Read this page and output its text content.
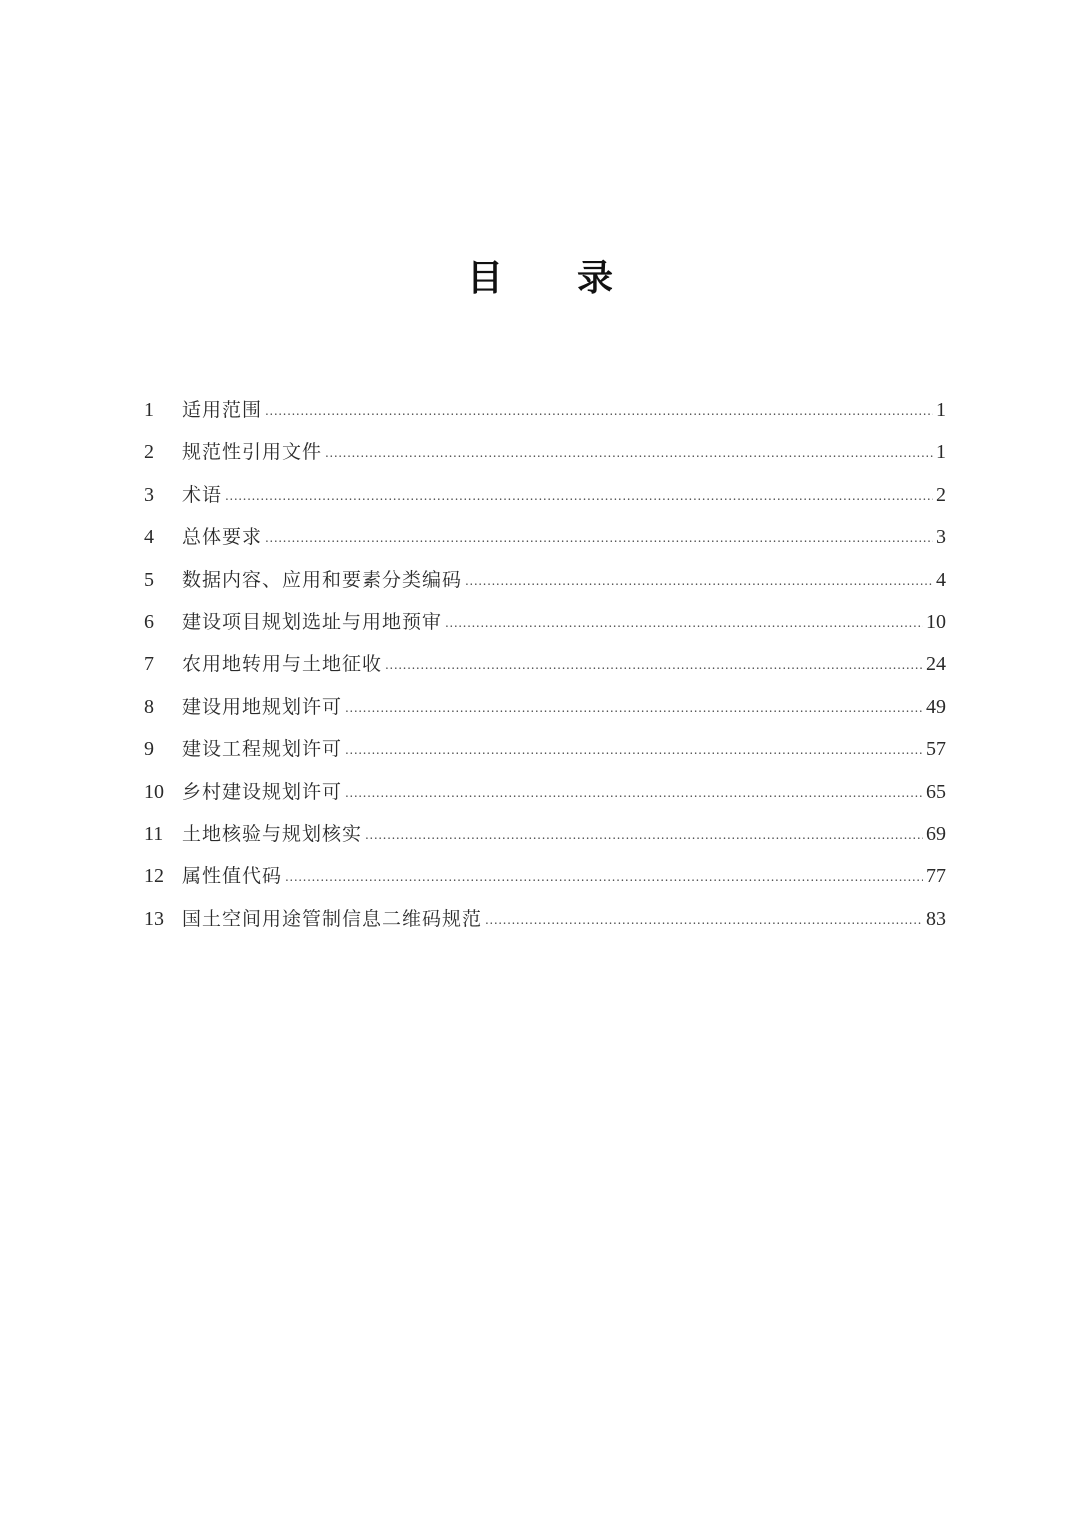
目 录
1	适用范围 .....	1
2	规范性引用文件 .....	1
3	术语 .....	2
4	总体要求 .....	3
5	数据内容、应用和要素分类编码 .....	4
6	建设项目规划选址与用地预审 .....	10
7	农用地转用与土地征收 .....	24
8	建设用地规划许可 .....	49
9	建设工程规划许可 .....	57
10 乡村建设规划许可 .....	65
11 土地核验与规划核实 .....	69
12 属性值代码 .....	77
13 国土空间用途管制信息二维码规范 .....	83
